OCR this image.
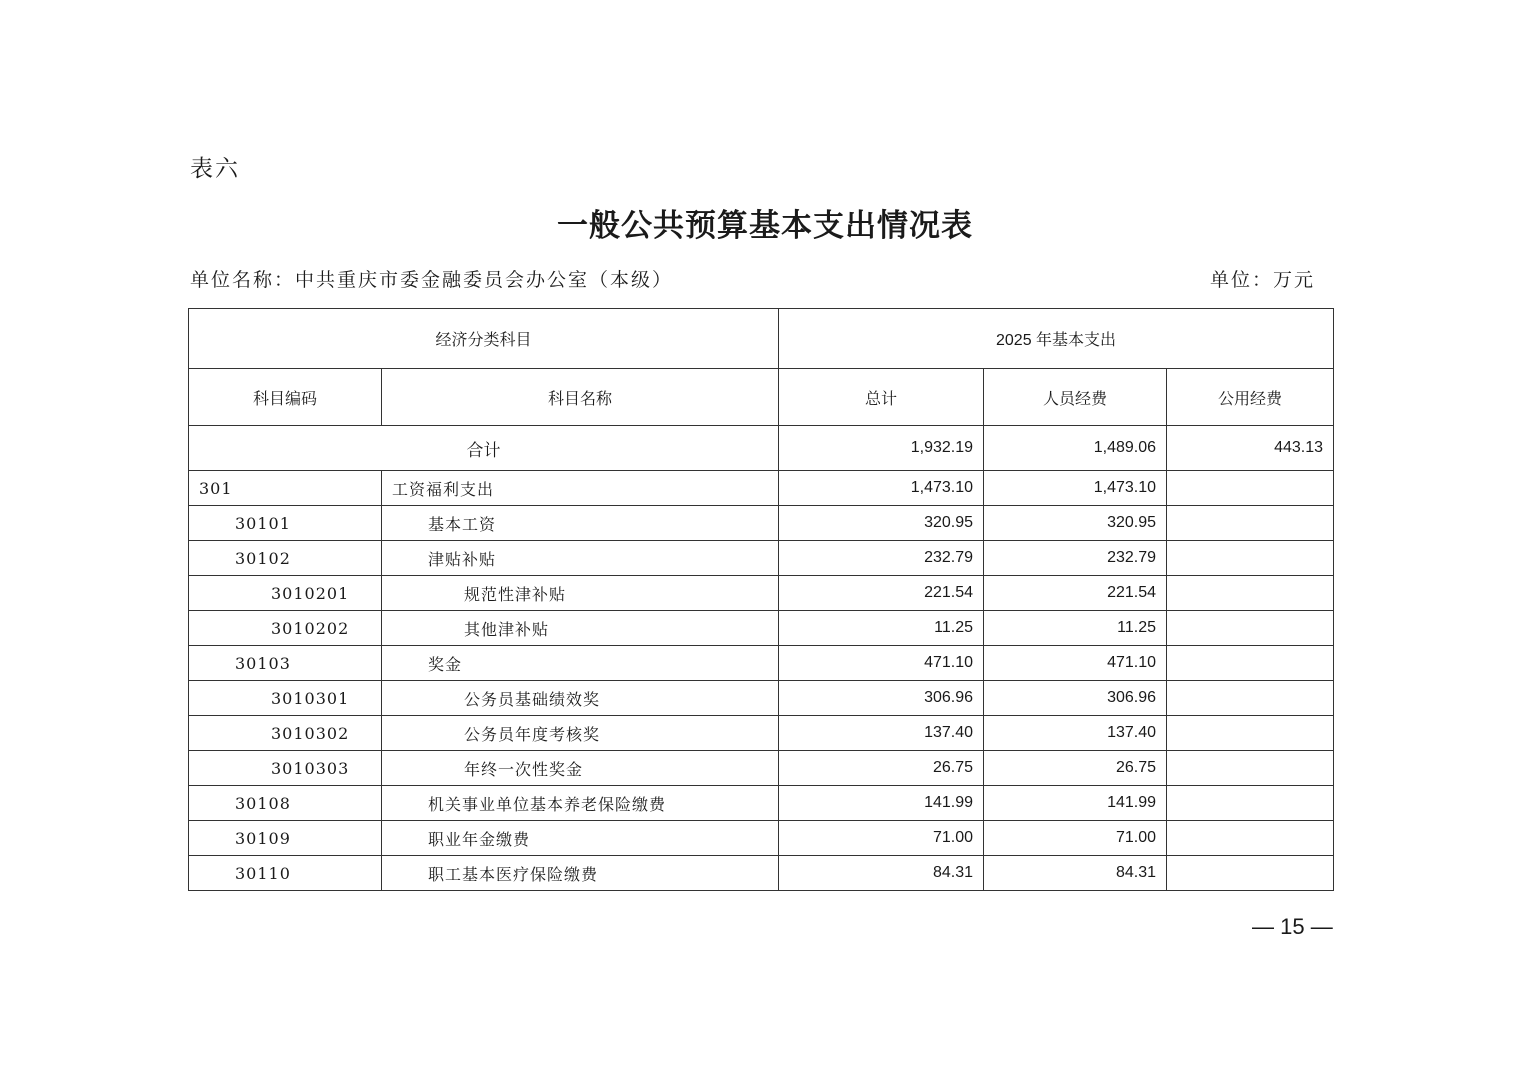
表六
一般公共预算基本支出情况表
单位名称：中共重庆市委金融委员会办公室（本级）	单位：万元
经济分类科目		2025 年基本支出		
科目编码	科目名称	总计	人员经费	公用经费
合计		1,932.19	1,489.06	443.13
301	工资福利支出	1,473.10	1,473.10	
30101	基本工资	320.95	320.95	
30102	津贴补贴	232.79	232.79	
3010201	规范性津补贴	221.54	221.54	
3010202	其他津补贴	11.25	11.25	
30103	奖金	471.10	471.10	
3010301	公务员基础绩效奖	306.96	306.96	
3010302	公务员年度考核奖	137.40	137.40	
3010303	年终一次性奖金	26.75	26.75	
30108	机关事业单位基本养老保险缴费	141.99	141.99	
30109	职业年金缴费	71.00	71.00	
30110	职工基本医疗保险缴费	84.31	84.31	
— 15 —
